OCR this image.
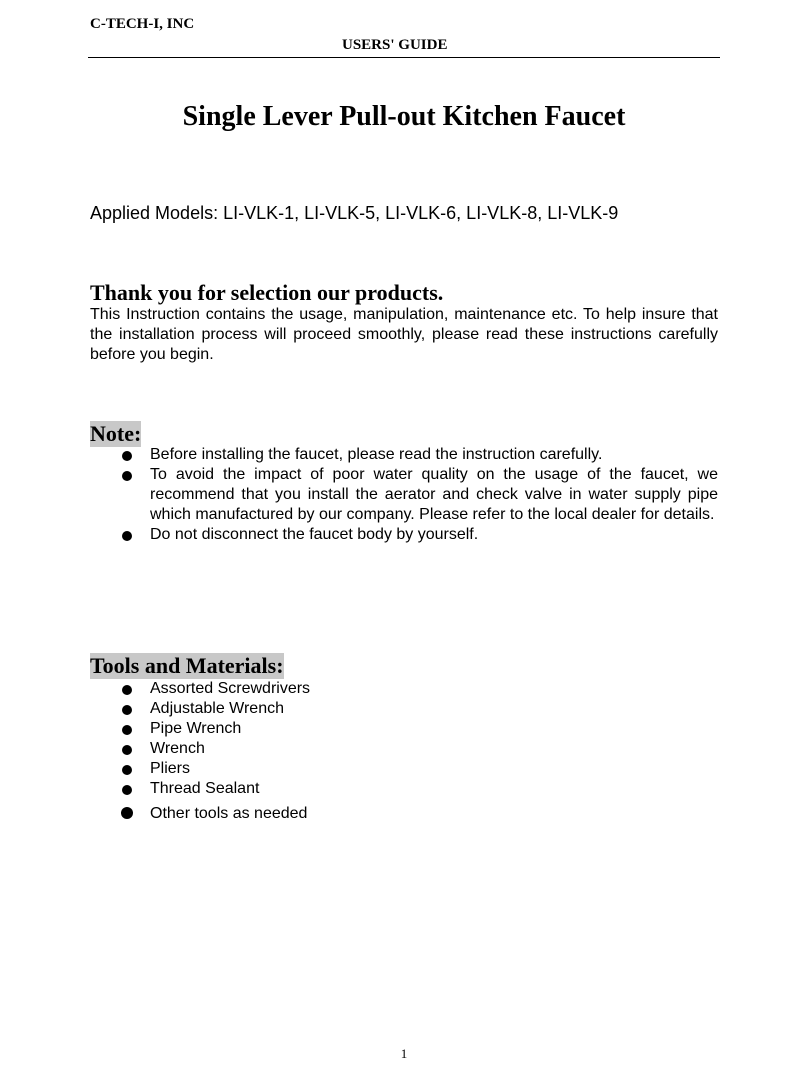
C-TECH-I, INC
USERS' GUIDE
Single Lever Pull-out Kitchen Faucet
Applied Models: LI-VLK-1, LI-VLK-5, LI-VLK-6, LI-VLK-8, LI-VLK-9
Thank you for selection our products.

This Instruction contains the usage, manipulation, maintenance etc. To help insure that the installation process will proceed smoothly, please read these instructions carefully before you begin.

Note:
Before installing the faucet, please read the instruction carefully.
To avoid the impact of poor water quality on the usage of the faucet, we recommend that you install the aerator and check valve in water supply pipe which manufactured by our company. Please refer to the local dealer for details.
Do not disconnect the faucet body by yourself.
Tools and Materials:
Assorted Screwdrivers
Adjustable Wrench
Pipe Wrench
Wrench
Pliers
Thread Sealant
Other tools as needed
1
